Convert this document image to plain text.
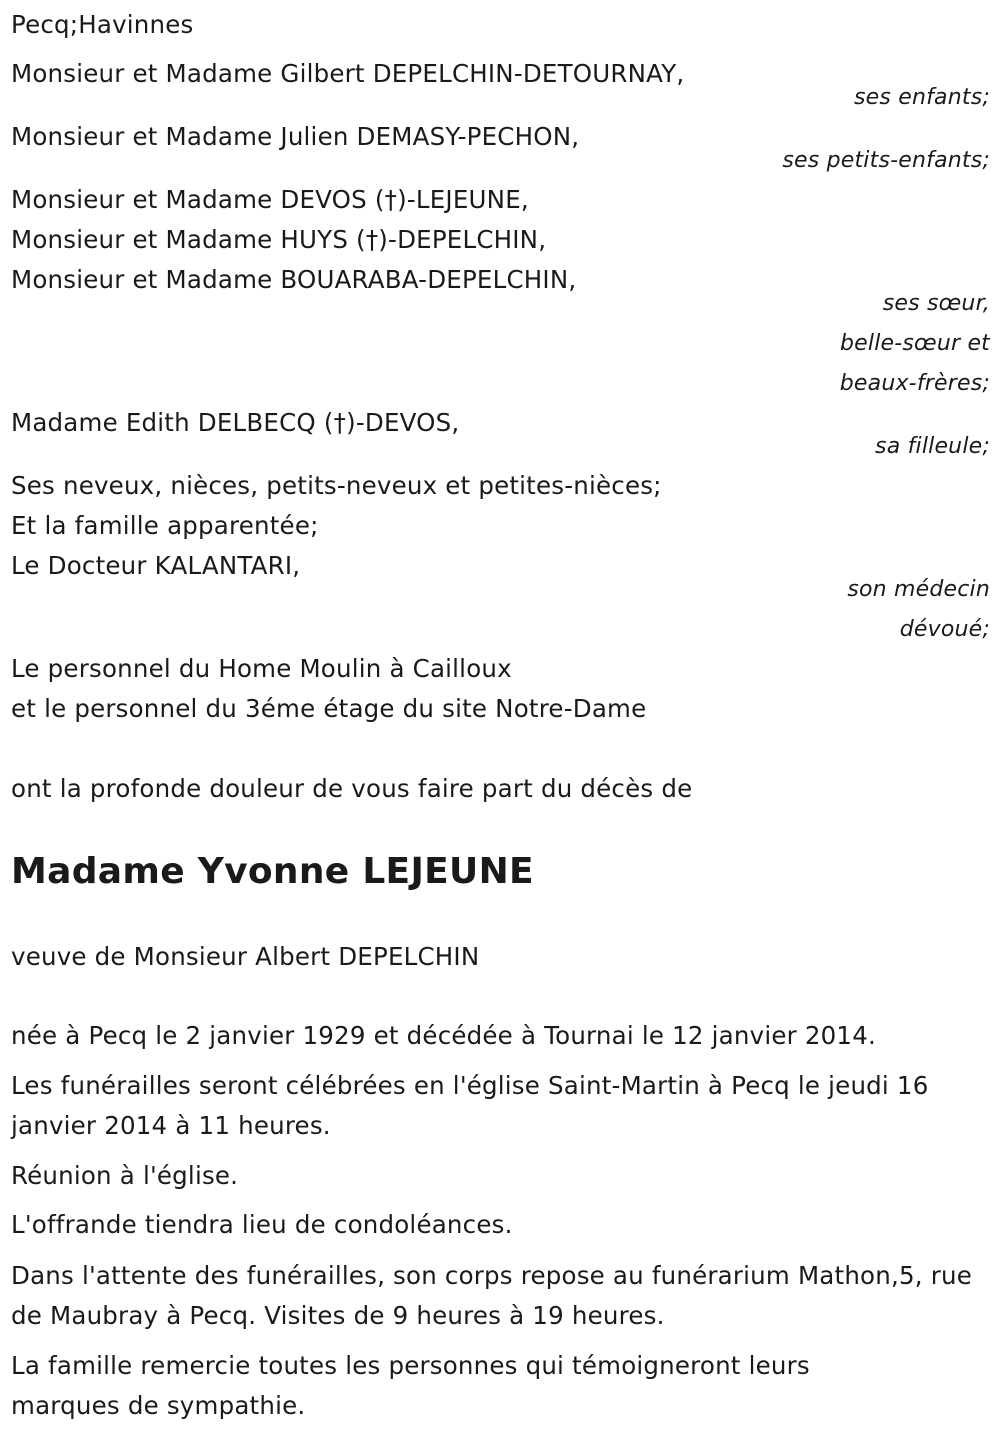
Pecq;Havinnes
Monsieur et Madame Gilbert DEPELCHIN-DETOURNAY,
ses enfants;
Monsieur et Madame Julien DEMASY-PECHON,
ses petits-enfants;
Monsieur et Madame DEVOS (†)-LEJEUNE,
Monsieur et Madame HUYS (†)-DEPELCHIN,
Monsieur et Madame BOUARABA-DEPELCHIN,
ses sœur,
belle-sœur et
beaux-frères;
Madame Edith DELBECQ (†)-DEVOS,
sa filleule;
Ses neveux, nièces, petits-neveux et petites-nièces;
Et la famille apparentée;
Le Docteur KALANTARI,
son médecin
dévoué;
Le personnel du Home Moulin à Cailloux
et le personnel du 3éme étage du site Notre-Dame
ont la profonde douleur de vous faire part du décès de
Madame Yvonne LEJEUNE
veuve de Monsieur Albert DEPELCHIN
née à Pecq le 2 janvier 1929 et décédée à Tournai le 12 janvier 2014.
Les funérailles seront célébrées en l'église Saint-Martin à Pecq le jeudi 16 janvier 2014 à 11 heures.
Réunion à l'église.
L'offrande tiendra lieu de condoléances.
Dans l'attente des funérailles, son corps repose au funérarium Mathon,5, rue de Maubray à Pecq. Visites de 9 heures à 19 heures.
La famille remercie toutes les personnes qui témoigneront leurs marques de sympathie.
